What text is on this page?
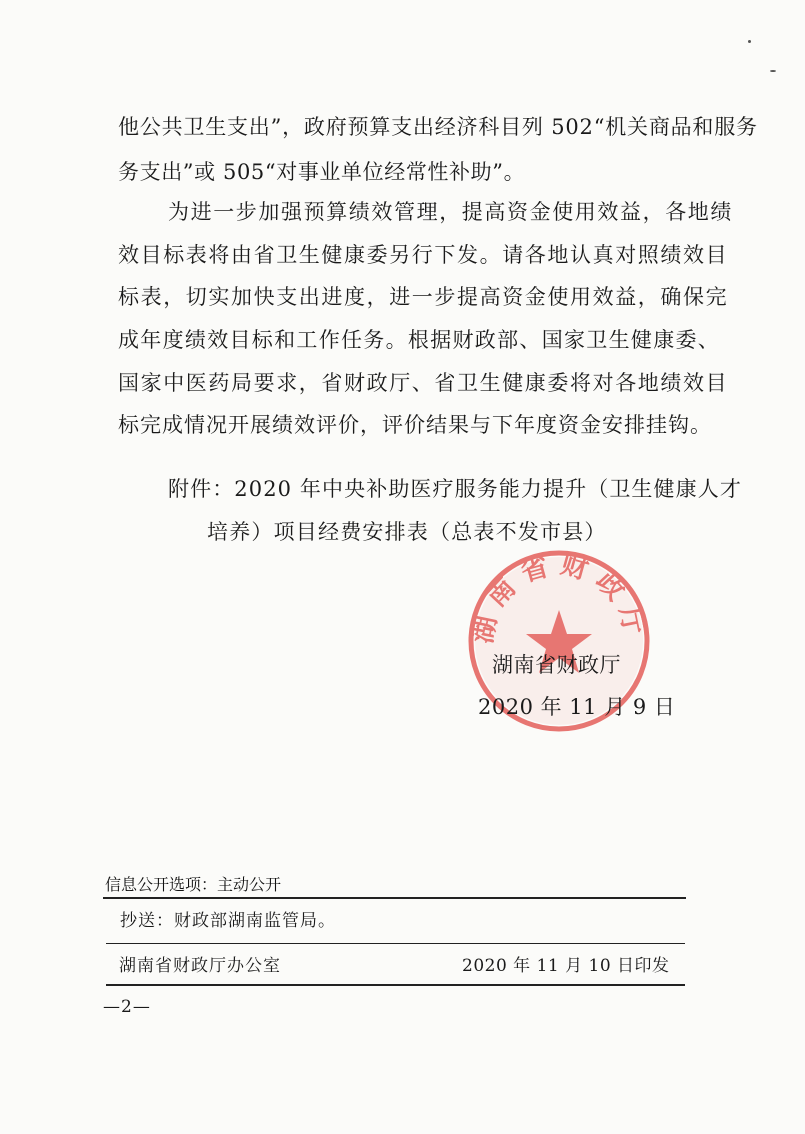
他公共卫生支出”，政府预算支出经济科目列 502“机关商品和服务
务支出”或 505“对事业单位经常性补助”。
为进一步加强预算绩效管理，提高资金使用效益，各地绩
效目标表将由省卫生健康委另行下发。请各地认真对照绩效目
标表，切实加快支出进度，进一步提高资金使用效益，确保完
成年度绩效目标和工作任务。根据财政部、国家卫生健康委、
国家中医药局要求，省财政厅、省卫生健康委将对各地绩效目
标完成情况开展绩效评价，评价结果与下年度资金安排挂钩。
附件：2020 年中央补助医疗服务能力提升（卫生健康人才
培养）项目经费安排表（总表不发市县）
湖南省财政厅
湖南省财政厅
2020 年 11 月 9 日
信息公开选项：主动公开
抄送：财政部湖南监管局。
湖南省财政厅办公室	2020 年 11 月 10 日印发
—2—
